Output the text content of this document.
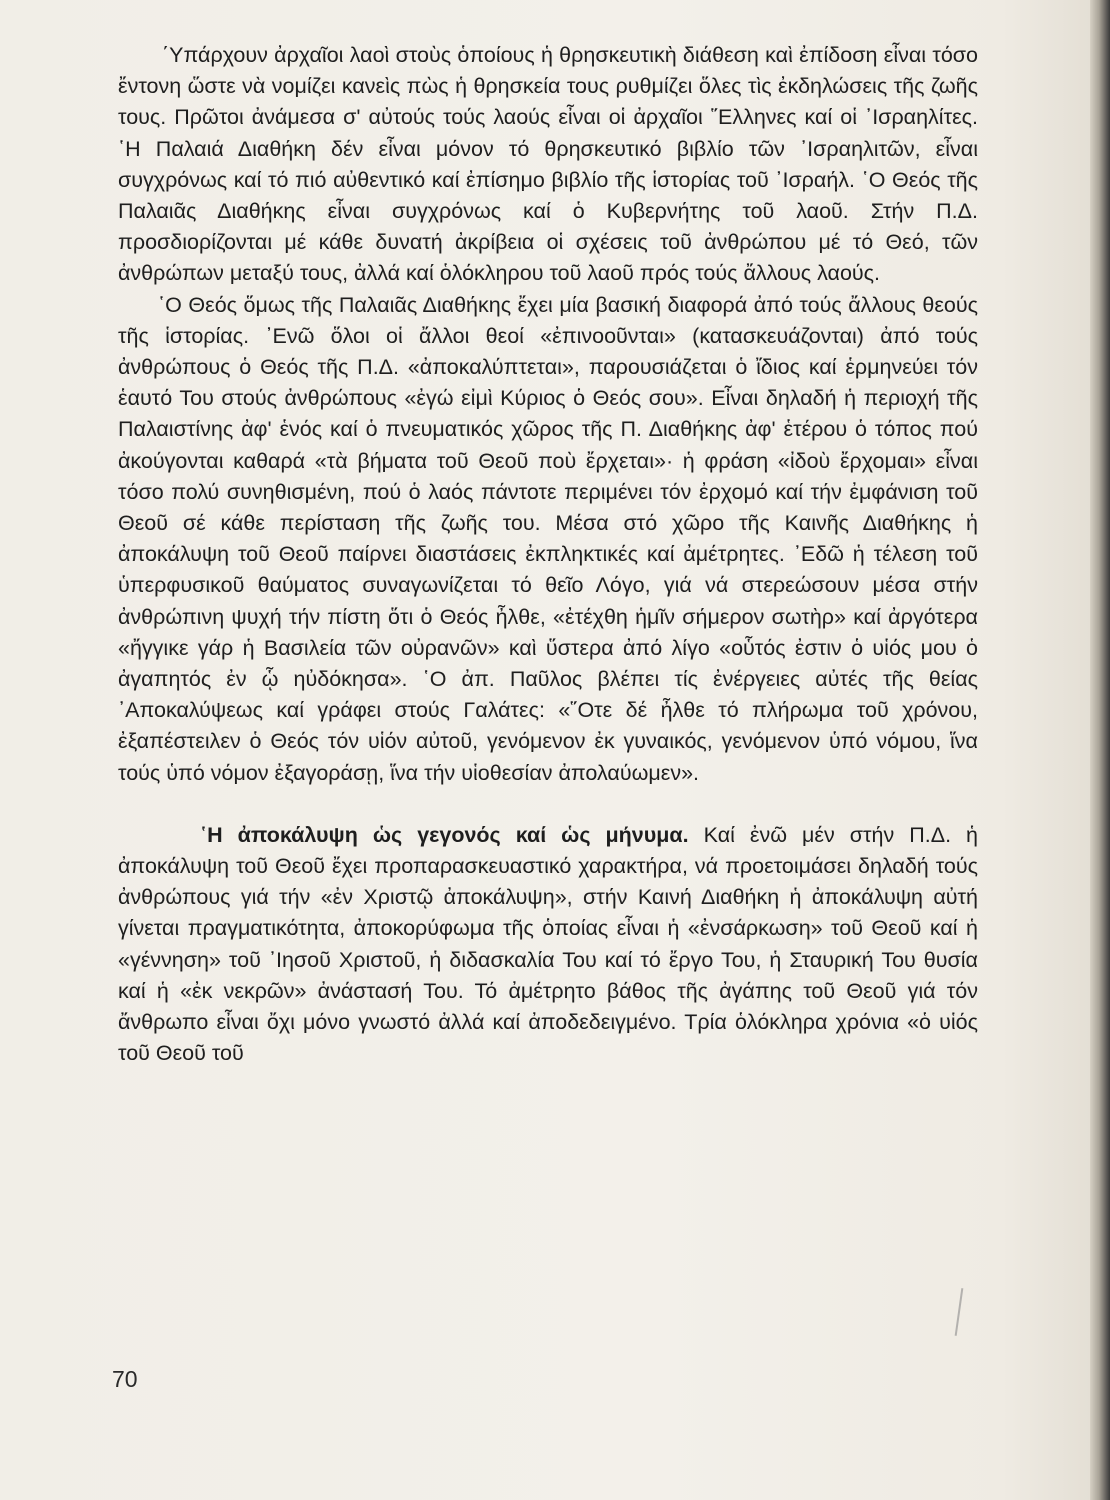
΄Υπάρχουν ἀρχαῖοι λαοὶ στοὺς ὁποίους ἡ θρησκευτικὴ διάθεση καὶ ἐπίδοση εἶναι τόσο ἔντονη ὥστε νὰ νομίζει κανεὶς πὼς ἡ θρησκεία τους ρυθμίζει ὅλες τὶς ἐκδηλώσεις τῆς ζωῆς τους. Πρῶτοι ἀνάμεσα σ' αὐτούς τούς λαούς εἶναι οἱ ἀρχαῖοι ῞Ελληνες καί οἱ ᾿Ισραηλίτες. ῾Η Παλαιά Διαθήκη δέν εἶναι μόνον τό θρησκευτικό βιβλίο τῶν ᾿Ισραηλιτῶν, εἶναι συγχρόνως καί τό πιό αὐθεντικό καί ἐπίσημο βιβλίο τῆς ἱστορίας τοῦ ᾿Ισραήλ. ῾Ο Θεός τῆς Παλαιᾶς Διαθήκης εἶναι συγχρόνως καί ὁ Κυβερνήτης τοῦ λαοῦ. Στήν Π.Δ. προσδιορίζονται μέ κάθε δυνατή ἀκρίβεια οἱ σχέσεις τοῦ ἀνθρώπου μέ τό Θεό, τῶν ἀνθρώπων μεταξύ τους, ἀλλά καί ὁλόκληρου τοῦ λαοῦ πρός τούς ἄλλους λαούς.

῾Ο Θεός ὅμως τῆς Παλαιᾶς Διαθήκης ἔχει μία βασική διαφορά ἀπό τούς ἄλλους θεούς τῆς ἱστορίας. ᾿Ενῶ ὅλοι οἱ ἄλλοι θεοί «ἐπινοοῦνται» (κατασκευάζονται) ἀπό τούς ἀνθρώπους ὁ Θεός τῆς Π.Δ. «ἀποκαλύπτεται», παρουσιάζεται ὁ ἴδιος καί ἑρμηνεύει τόν ἑαυτό Του στούς ἀνθρώπους «ἐγώ εἰμὶ Κύριος ὁ Θεός σου». Εἶναι δηλαδή ἡ περιοχή τῆς Παλαιστίνης ἀφ' ἑνός καί ὁ πνευματικός χῶρος τῆς Π. Διαθήκης ἀφ' ἑτέρου ὁ τόπος πού ἀκούγονται καθαρά «τὰ βήματα τοῦ Θεοῦ ποὺ ἔρχεται»· ἡ φράση «ἰδοὺ ἔρχομαι» εἶναι τόσο πολύ συνηθισμένη, πού ὁ λαός πάντοτε περιμένει τόν ἐρχομό καί τήν ἐμφάνιση τοῦ Θεοῦ σέ κάθε περίσταση τῆς ζωῆς του. Μέσα στό χῶρο τῆς Καινῆς Διαθήκης ἡ ἀποκάλυψη τοῦ Θεοῦ παίρνει διαστάσεις ἐκπληκτικές καί ἀμέτρητες. ᾿Εδῶ ἡ τέλεση τοῦ ὑπερφυσικοῦ θαύματος συναγωνίζεται τό θεῖο Λόγο, γιά νά στερεώσουν μέσα στήν ἀνθρώπινη ψυχή τήν πίστη ὅτι ὁ Θεός ἦλθε, «ἐτέχθη ἡμῖν σήμερον σωτὴρ» καί ἀργότερα «ἤγγικε γάρ ἡ Βασιλεία τῶν οὐρανῶν» καὶ ὕστερα ἀπό λίγο «οὗτός ἐστιν ὁ υἱός μου ὁ ἀγαπητός ἐν ᾧ ηὐδόκησα». ῾Ο ἀπ. Παῦλος βλέπει τίς ἐνέργειες αὐτές τῆς θείας ᾿Αποκαλύψεως καί γράφει στούς Γαλάτες: «῞Οτε δέ ἦλθε τό πλήρωμα τοῦ χρόνου, ἐξαπέστειλεν ὁ Θεός τόν υἱόν αὐτοῦ, γενόμενον ἐκ γυναικός, γενόμενον ὑπό νόμου, ἵνα τούς ὑπό νόμον ἐξαγοράσῃ, ἵνα τήν υἱοθεσίαν ἀπολαύωμεν».

῾Η ἀποκάλυψη ὡς γεγονός καί ὡς μήνυμα. Καί ἐνῶ μέν στήν Π.Δ. ἡ ἀποκάλυψη τοῦ Θεοῦ ἔχει προπαρασκευαστικό χαρακτήρα, νά προετοιμάσει δηλαδή τούς ἀνθρώπους γιά τήν «ἐν Χριστῷ ἀποκάλυψη», στήν Καινή Διαθήκη ἡ ἀποκάλυψη αὐτή γίνεται πραγματικότητα, ἀποκορύφωμα τῆς ὁποίας εἶναι ἡ «ἐνσάρκωση» τοῦ Θεοῦ καί ἡ «γέννηση» τοῦ ᾿Ιησοῦ Χριστοῦ, ἡ διδασκαλία Του καί τό ἔργο Του, ἡ Σταυρική Του θυσία καί ἡ «ἐκ νεκρῶν» ἀνάστασή Του. Τό ἀμέτρητο βάθος τῆς ἀγάπης τοῦ Θεοῦ γιά τόν ἄνθρωπο εἶναι ὄχι μόνο γνωστό ἀλλά καί ἀποδεδειγμένο. Τρία ὁλόκληρα χρόνια «ὁ υἱός τοῦ Θεοῦ τοῦ

70
